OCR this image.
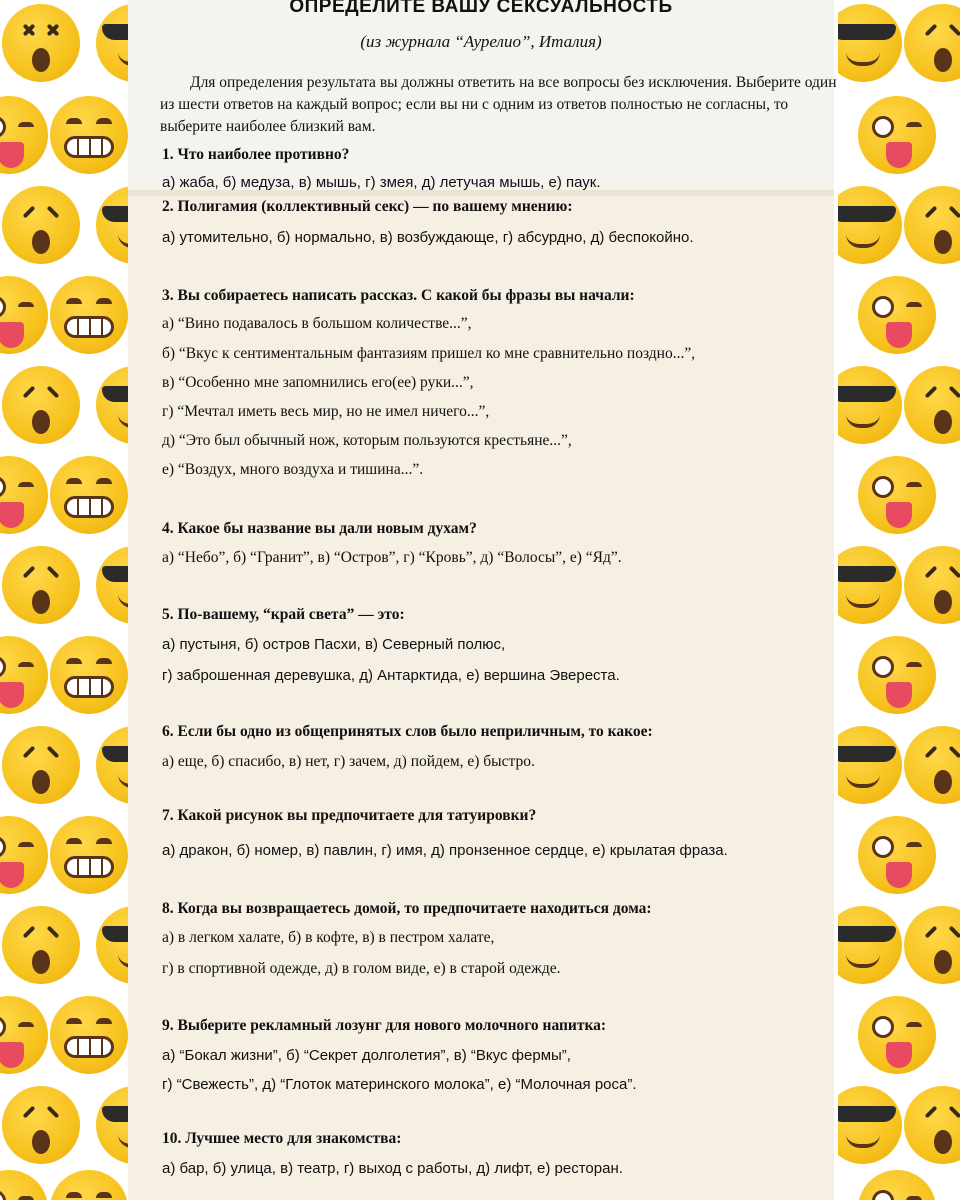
ОПРЕДЕЛИТЕ ВАШУ СЕКСУАЛЬНОСТЬ
(из журнала “Аурелио”, Италия)
Для определения результата вы должны ответить на все вопросы без исключения. Выберите один из шести ответов на каждый вопрос; если вы ни с одним из ответов полностью не согласны, то выберите наиболее близкий вам.
1. Что наиболее противно?
а) жаба, б) медуза, в) мышь, г) змея, д) летучая мышь, е) паук.
2. Полигамия (коллективный секс) — по вашему мнению:
а) утомительно, б) нормально, в) возбуждающе, г) абсурдно, д) беспокойно.
3. Вы собираетесь написать рассказ. С какой бы фразы вы начали:
а) “Вино подавалось в большом количестве...”,
б) “Вкус к сентиментальным фантазиям пришел ко мне сравнительно поздно...”,
в) “Особенно мне запомнились его(ее) руки...”,
г) “Мечтал иметь весь мир, но не имел ничего...”,
д) “Это был обычный нож, которым пользуются крестьяне...”,
е) “Воздух, много воздуха и тишина...”.
4. Какое бы название вы дали новым духам?
а) “Небо”, б) “Гранит”, в) “Остров”, г) “Кровь”, д) “Волосы”, е) “Яд”.
5. По-вашему, “край света” — это:
а) пустыня, б) остров Пасхи, в) Северный полюс,
г) заброшенная деревушка, д) Антарктида, е) вершина Эвереста.
6. Если бы одно из общепринятых слов было неприличным, то какое:
а) еще, б) спасибо, в) нет, г) зачем, д) пойдем, е) быстро.
7. Какой рисунок вы предпочитаете для татуировки?
а) дракон, б) номер, в) павлин, г) имя, д) пронзенное сердце, е) крылатая фраза.
8. Когда вы возвращаетесь домой, то предпочитаете находиться дома:
а) в легком халате, б) в кофте, в) в пестром халате,
г) в спортивной одежде, д) в голом виде, е) в старой одежде.
9. Выберите рекламный лозунг для нового молочного напитка:
а) “Бокал жизни”, б) “Секрет долголетия”, в) “Вкус фермы”,
г) “Свежесть”, д) “Глоток материнского молока”, е) “Молочная роса”.
10. Лучшее место для знакомства:
а) бар, б) улица, в) театр, г) выход с работы, д) лифт, е) ресторан.
